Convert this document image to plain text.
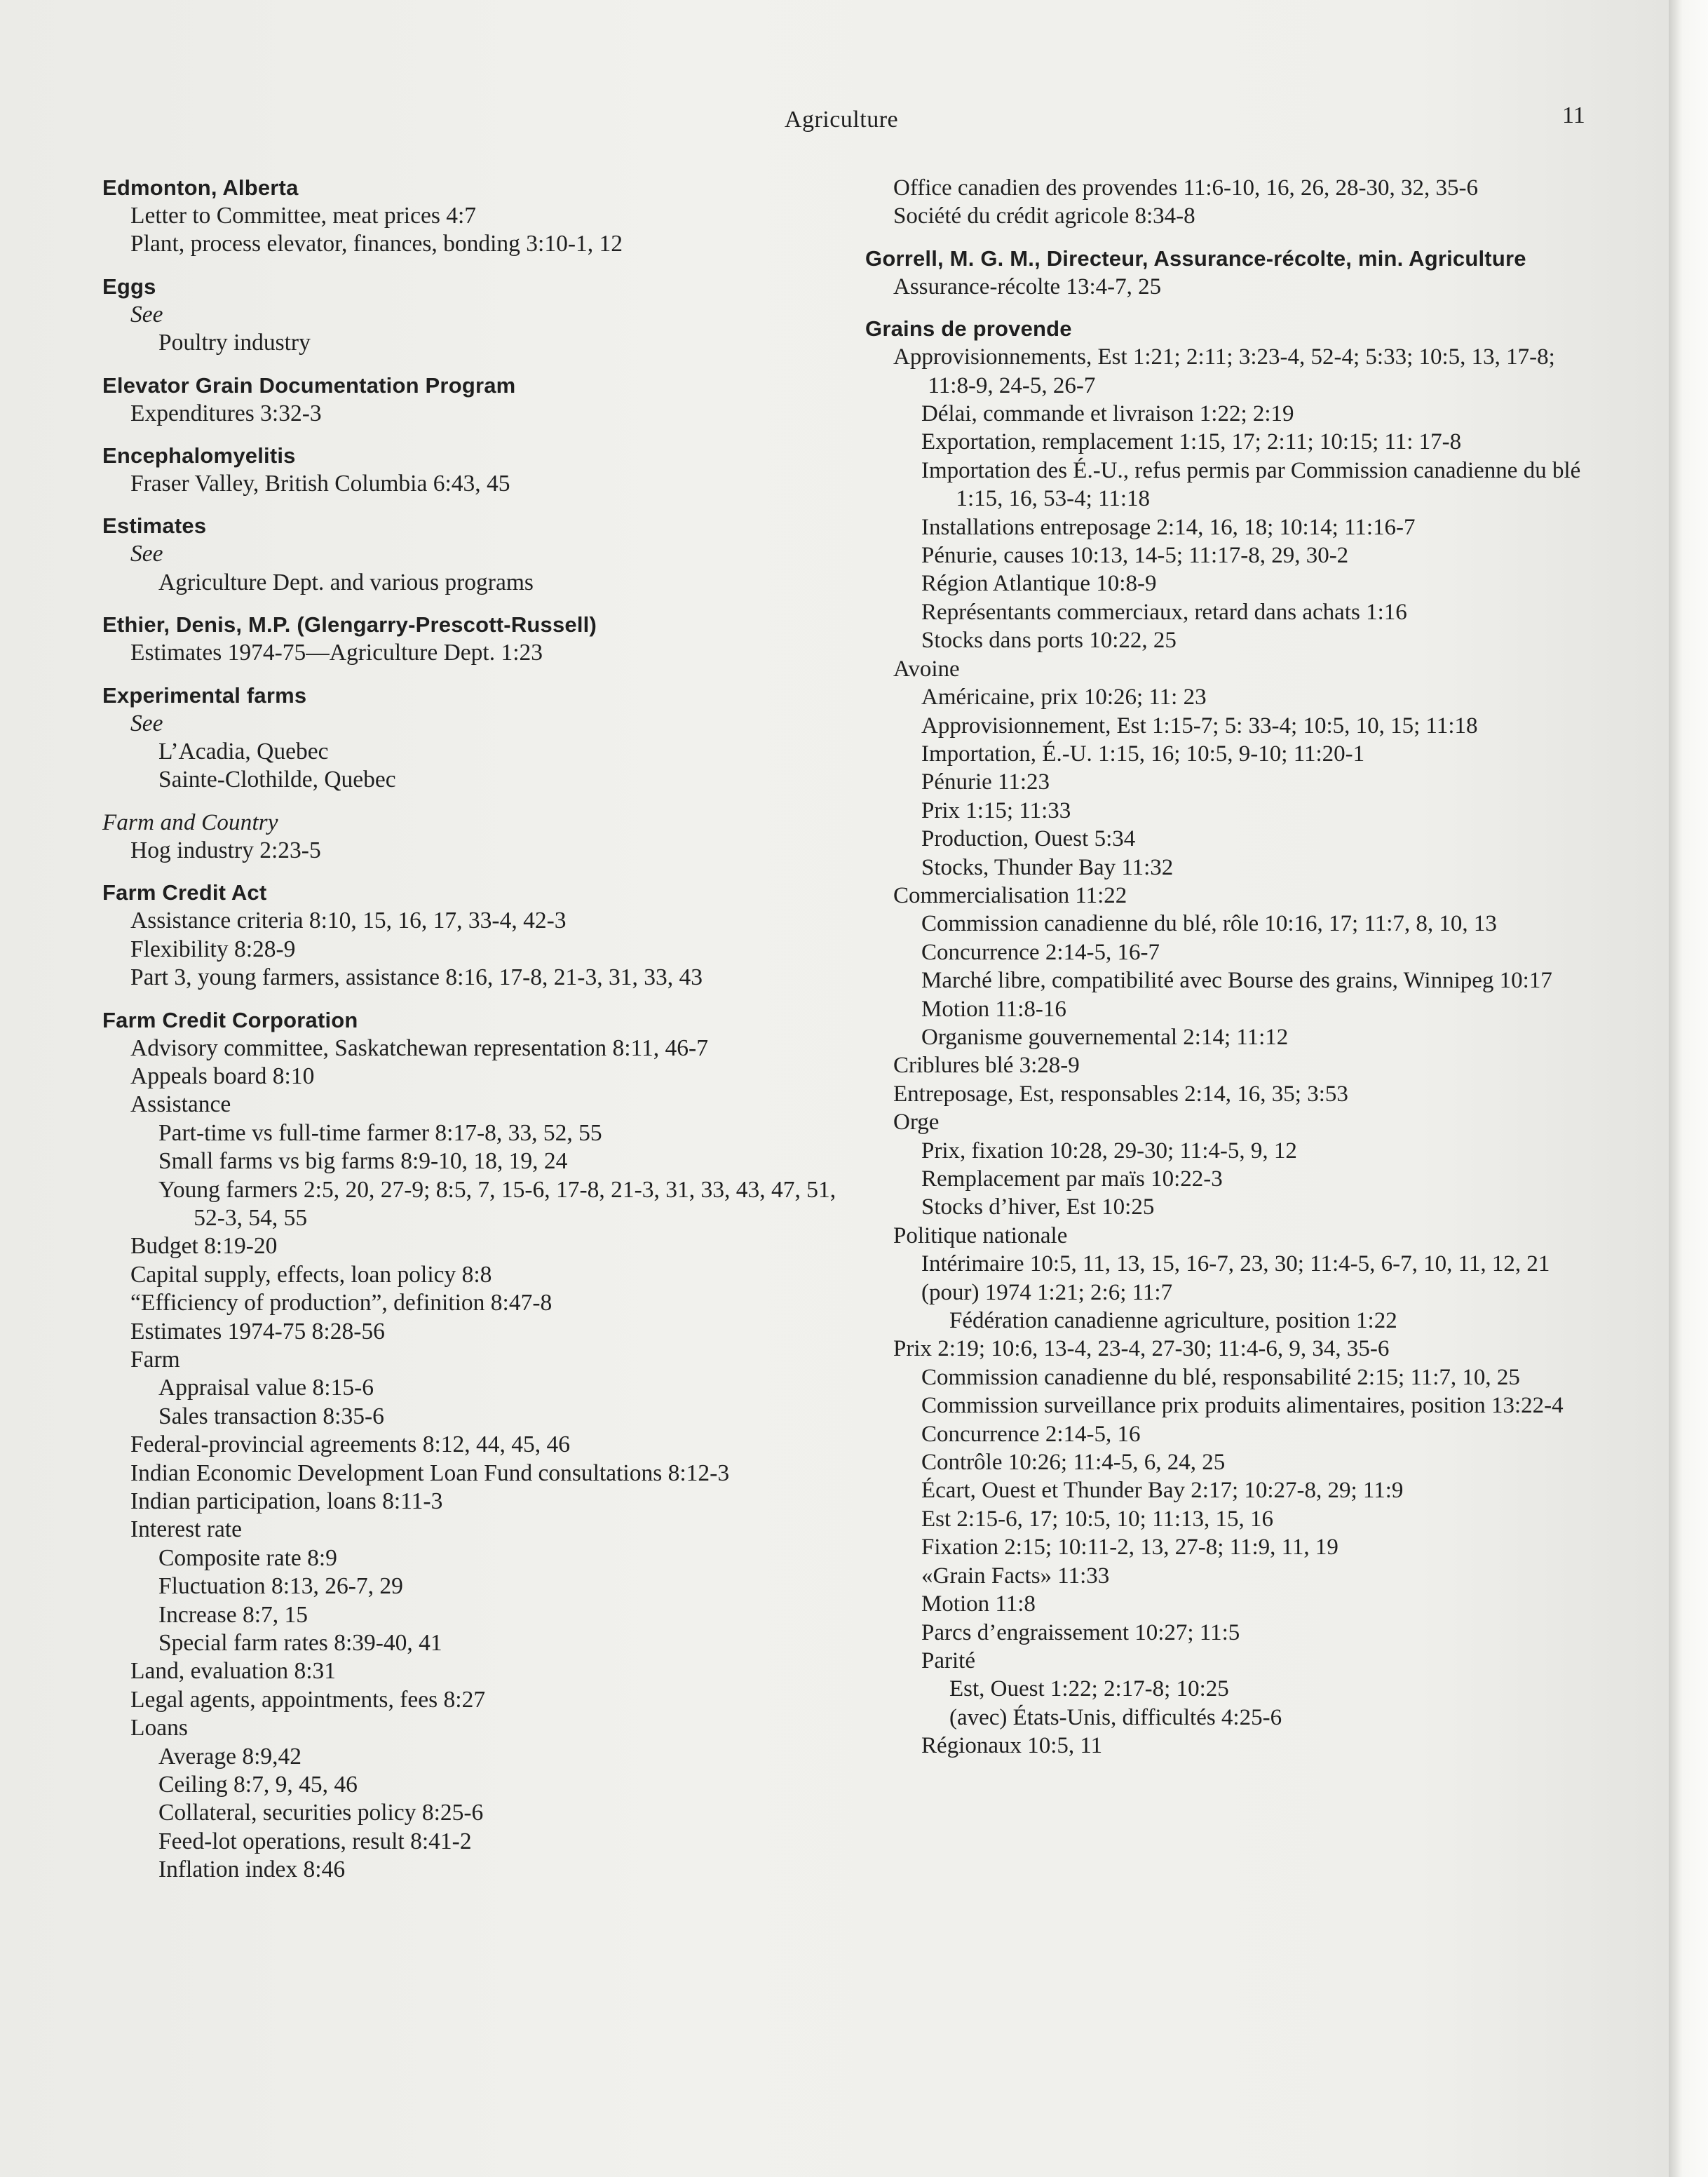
Agriculture	11
Edmonton, Alberta
Letter to Committee, meat prices 4:7
Plant, process elevator, finances, bonding 3:10-1, 12
Eggs
See
Poultry industry
Elevator Grain Documentation Program
Expenditures 3:32-3
Encephalomyelitis
Fraser Valley, British Columbia 6:43, 45
Estimates
See
Agriculture Dept. and various programs
Ethier, Denis, M.P. (Glengarry-Prescott-Russell)
Estimates 1974-75—Agriculture Dept. 1:23
Experimental farms
See
L’Acadia, Quebec
Sainte-Clothilde, Quebec
Farm and Country
Hog industry 2:23-5
Farm Credit Act
Assistance criteria 8:10, 15, 16, 17, 33-4, 42-3
Flexibility 8:28-9
Part 3, young farmers, assistance 8:16, 17-8, 21-3, 31, 33, 43
Farm Credit Corporation
Advisory committee, Saskatchewan representation 8:11, 46-7
Appeals board 8:10
Assistance
Part-time vs full-time farmer 8:17-8, 33, 52, 55
Small farms vs big farms 8:9-10, 18, 19, 24
Young farmers 2:5, 20, 27-9; 8:5, 7, 15-6, 17-8, 21-3, 31, 33, 43, 47, 51, 52-3, 54, 55
Budget 8:19-20
Capital supply, effects, loan policy 8:8
“Efficiency of production”, definition 8:47-8
Estimates 1974-75 8:28-56
Farm
Appraisal value 8:15-6
Sales transaction 8:35-6
Federal-provincial agreements 8:12, 44, 45, 46
Indian Economic Development Loan Fund consultations 8:12-3
Indian participation, loans 8:11-3
Interest rate
Composite rate 8:9
Fluctuation 8:13, 26-7, 29
Increase 8:7, 15
Special farm rates 8:39-40, 41
Land, evaluation 8:31
Legal agents, appointments, fees 8:27
Loans
Average 8:9,42
Ceiling 8:7, 9, 45, 46
Collateral, securities policy 8:25-6
Feed-lot operations, result 8:41-2
Inflation index 8:46
Office canadien des provendes 11:6-10, 16, 26, 28-30, 32, 35-6
Société du crédit agricole 8:34-8
Gorrell, M. G. M., Directeur, Assurance-récolte, min. Agriculture
Assurance-récolte 13:4-7, 25
Grains de provende
Approvisionnements, Est 1:21; 2:11; 3:23-4, 52-4; 5:33; 10:5, 13, 17-8; 11:8-9, 24-5, 26-7
Délai, commande et livraison 1:22; 2:19
Exportation, remplacement 1:15, 17; 2:11; 10:15; 11: 17-8
Importation des É.-U., refus permis par Commission canadienne du blé 1:15, 16, 53-4; 11:18
Installations entreposage 2:14, 16, 18; 10:14; 11:16-7
Pénurie, causes 10:13, 14-5; 11:17-8, 29, 30-2
Région Atlantique 10:8-9
Représentants commerciaux, retard dans achats 1:16
Stocks dans ports 10:22, 25
Avoine
Américaine, prix 10:26; 11: 23
Approvisionnement, Est 1:15-7; 5: 33-4; 10:5, 10, 15; 11:18
Importation, É.-U. 1:15, 16; 10:5, 9-10; 11:20-1
Pénurie 11:23
Prix 1:15; 11:33
Production, Ouest 5:34
Stocks, Thunder Bay 11:32
Commercialisation 11:22
Commission canadienne du blé, rôle 10:16, 17; 11:7, 8, 10, 13
Concurrence 2:14-5, 16-7
Marché libre, compatibilité avec Bourse des grains, Winnipeg 10:17
Motion 11:8-16
Organisme gouvernemental 2:14; 11:12
Criblures blé 3:28-9
Entreposage, Est, responsables 2:14, 16, 35; 3:53
Orge
Prix, fixation 10:28, 29-30; 11:4-5, 9, 12
Remplacement par maïs 10:22-3
Stocks d’hiver, Est 10:25
Politique nationale
Intérimaire 10:5, 11, 13, 15, 16-7, 23, 30; 11:4-5, 6-7, 10, 11, 12, 21
(pour) 1974 1:21; 2:6; 11:7
Fédération canadienne agriculture, position 1:22
Prix 2:19; 10:6, 13-4, 23-4, 27-30; 11:4-6, 9, 34, 35-6
Commission canadienne du blé, responsabilité 2:15; 11:7, 10, 25
Commission surveillance prix produits alimentaires, position 13:22-4
Concurrence 2:14-5, 16
Contrôle 10:26; 11:4-5, 6, 24, 25
Écart, Ouest et Thunder Bay 2:17; 10:27-8, 29; 11:9
Est 2:15-6, 17; 10:5, 10; 11:13, 15, 16
Fixation 2:15; 10:11-2, 13, 27-8; 11:9, 11, 19
«Grain Facts» 11:33
Motion 11:8
Parcs d’engraissement 10:27; 11:5
Parité
Est, Ouest 1:22; 2:17-8; 10:25
(avec) États-Unis, difficultés 4:25-6
Régionaux 10:5, 11
